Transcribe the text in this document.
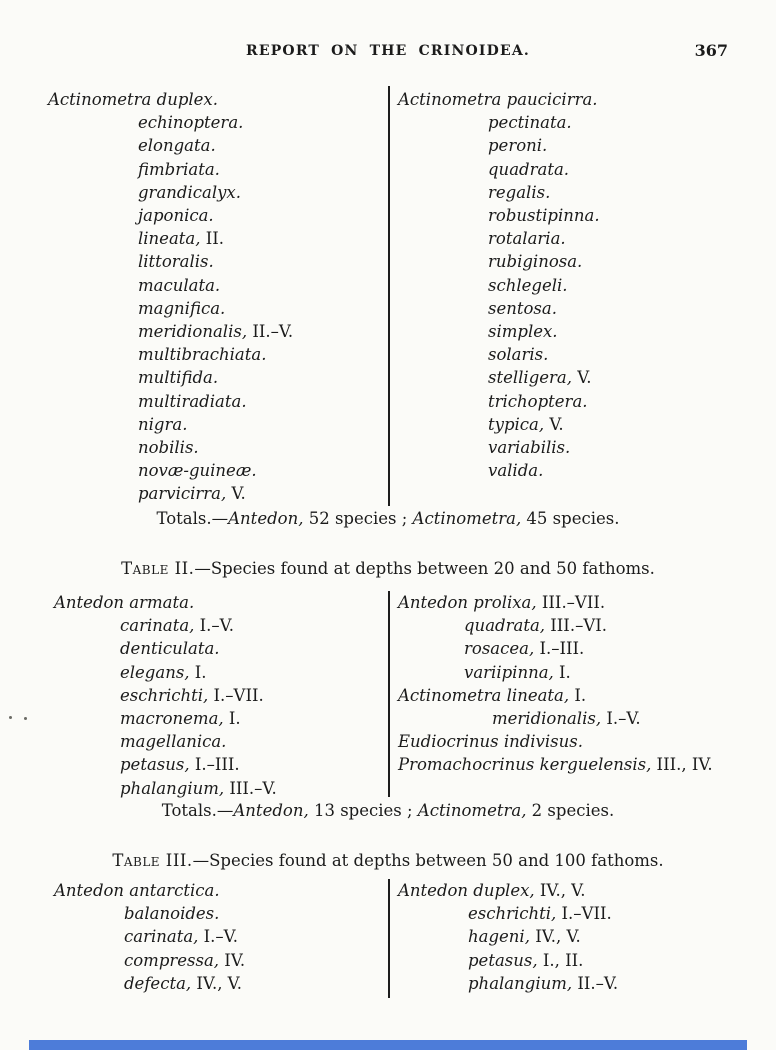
REPORT ON THE CRINOIDEA.	367
Actinometra duplex.
echinoptera.
elongata.
fimbriata.
grandicalyx.
japonica.
lineata, II.
littoralis.
maculata.
magnifica.
meridionalis, II.–V.
multibrachiata.
multifida.
multiradiata.
nigra.
nobilis.
novæ-guineæ.
parvicirra, V.
Actinometra paucicirra.
pectinata.
peroni.
quadrata.
regalis.
robustipinna.
rotalaria.
rubiginosa.
schlegeli.
sentosa.
simplex.
solaris.
stelligera, V.
trichoptera.
typica, V.
variabilis.
valida.
Totals.—Antedon, 52 species ; Actinometra, 45 species.
Table II.—Species found at depths between 20 and 50 fathoms.
Antedon armata.
carinata, I.–V.
denticulata.
elegans, I.
eschrichti, I.–VII.
macronema, I.
magellanica.
petasus, I.–III.
phalangium, III.–V.
Antedon prolixa, III.–VII.
quadrata, III.–VI.
rosacea, I.–III.
variipinna, I.
Actinometra lineata, I.
meridionalis, I.–V.
Eudiocrinus indivisus.
Promachocrinus kerguelensis, III., IV.
Totals.—Antedon, 13 species ; Actinometra, 2 species.
Table III.—Species found at depths between 50 and 100 fathoms.
Antedon antarctica.
balanoides.
carinata, I.–V.
compressa, IV.
defecta, IV., V.
Antedon duplex, IV., V.
eschrichti, I.–VII.
hageni, IV., V.
petasus, I., II.
phalangium, II.–V.
